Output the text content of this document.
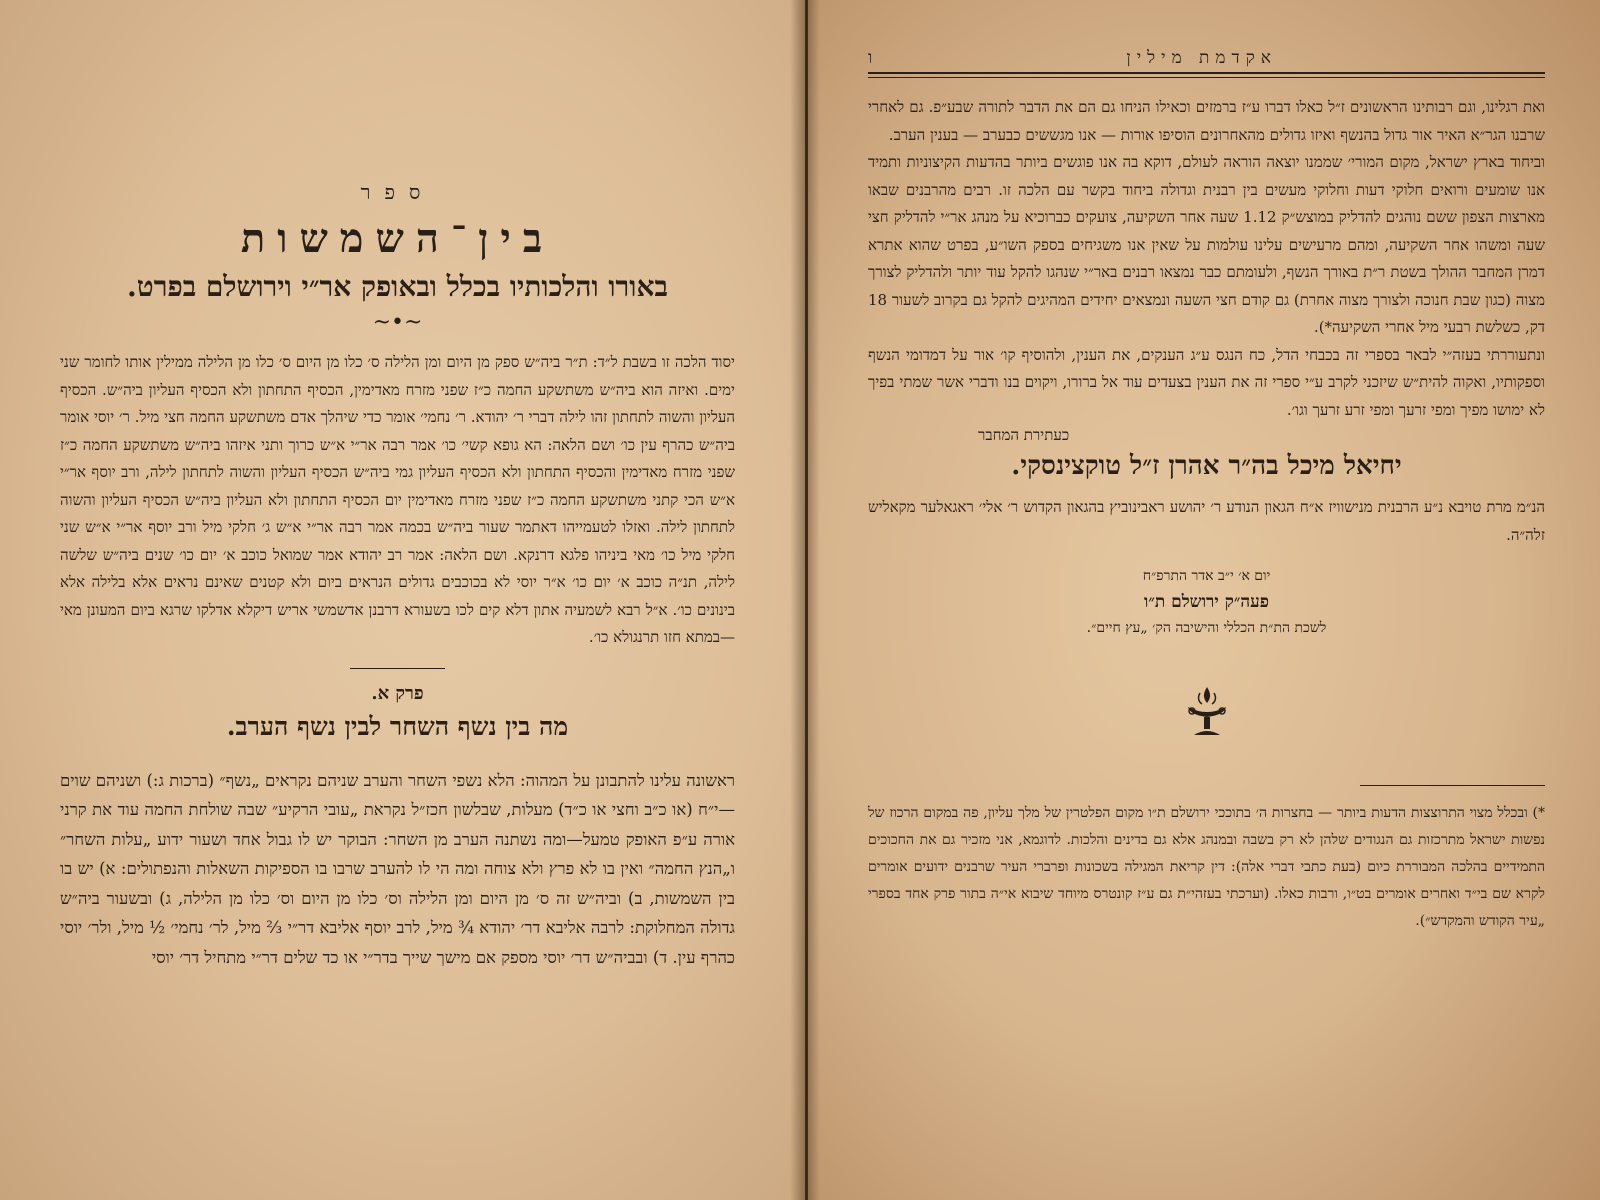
ספר
בין־השמשות
באורו והלכותיו בכלל ובאופק אר״י וירושלם בפרט.
~•~
יסוד הלכה זו בשבת ל״ד: ת״ר ביה״ש ספק מן היום ומן הלילה ס׳ כלו מן היום ס׳ כלו מן הלילה ממילין אותו לחומר שני ימים. ואיזה הוא ביה״ש משתשקע החמה כ״ז שפני מזרח מאדימין, הכסיף התחתון ולא הכסיף העליון ביה״ש. הכסיף העליון והשוה לתחתון זהו לילה דברי ר׳ יהודא. ר׳ נחמי׳ אומר כדי שיהלך אדם משתשקע החמה חצי מיל. ר׳ יוסי אומר ביה״ש כהרף עין כו׳ ושם הלאה: הא גופא קשי׳ כו׳ אמר רבה אר״י א״ש כרוך ותני איזהו ביה״ש משתשקע החמה כ״ז שפני מזרח מאדימין והכסיף התחתון ולא הכסיף העליון גמי ביה״ש הכסיף העליון והשוה לתחתון לילה, ורב יוסף אר״י א״ש הכי קתני משתשקע החמה כ״ז שפני מזרח מאדימין יום הכסיף התחתון ולא העליון ביה״ש הכסיף העליון והשוה לתחתון לילה. ואזלו לטעמייהו דאתמר שעור ביה״ש בכמה אמר רבה אר״י א״ש ג׳ חלקי מיל ורב יוסף אר״י א״ש שני חלקי מיל כו׳ מאי ביניהו פלגא דרנקא. ושם הלאה: אמר רב יהודא אמר שמואל כוכב א׳ יום כו׳ שנים ביה״ש שלשה לילה, תנ״ה כוכב א׳ יום כו׳ א״ר יוסי לא בכוכבים גדולים הנראים ביום ולא קטנים שאינם נראים אלא בלילה אלא בינונים כו׳. א״ל רבא לשמעיה אתון דלא קים לכו בשעורא דרבנן אדשמשי אריש דיקלא אדלקו שרגא ביום המעונן מאי—במתא חזו תרנגולא כו׳.
פרק א.
מה בין נשף השחר לבין נשף הערב.
ראשונה עלינו להתבונן על המהוה: הלא נשפי השחר והערב שניהם נקראים „נשף״ (ברכות ג:) ושניהם שוים—י״ח (או כ״ב וחצי או כ״ד) מעלות, שבלשון חכז״ל נקראת „עובי הרקיע״ שבה שולחת החמה עוד את קרני אורה ע״פ האופק טמעל—ומה נשתנה הערב מן השחר: הבוקר יש לו גבול אחד ושעור ידוע „עלות השחר״ ו„הנץ החמה״ ואין בו לא פרץ ולא צוחה ומה הי לו להערב שרבו בו הספיקות השאלות והנפתולים: א) יש בו בין השמשות, ב) וביה״ש זה ס׳ מן היום ומן הלילה וס׳ כלו מן היום וס׳ כלו מן הלילה, ג) ובשעור ביה״ש גדולה המחלוקת: לרבה אליבא דר׳ יהודא ¾ מיל, לרב יוסף אליבא דר״י ⅔ מיל, לר׳ נחמי׳ ½ מיל, ולר׳ יוסי כהרף עין. ד) ובביה״ש דר׳ יוסי מספק אם מישך שייך בדר״י או כד שלים דר״י מתחיל דר׳ יוסי
ו	אקדמת מילין
ואת רגלינו, וגם רבותינו הראשונים ז״ל כאלו דברו ע״ז ברמזים וכאילו הניחו גם הם את הדבר לתורה שבע״פ. גם לאחרי שרבנו הגר״א האיר אור גדול בהנשף ואיזו גדולים מהאחרונים הוסיפו אורות — אנו מגששים כבערב — בענין הערב.
וביחוד בארץ ישראל, מקום המורי׳ שממנו יוצאה הוראה לעולם, דוקא בה אנו פוגשים ביותר בהדעות הקיצוניות ותמיד אנו שומעים ורואים חלוקי דעות וחלוקי מעשים בין רבנית וגדולה ביחוד בקשר עם הלכה זו. רבים מהרבנים שבאו מארצות הצפון ששם נוהגים להדליק במוצש״ק 1.12 שעה אחר השקיעה, צועקים כברוכיא על מנהג אר״י להדליק חצי שעה ומשהו אחר השקיעה, ומהם מרעישים עלינו עולמות על שאין אנו משגיחים בספק השו״ע, בפרט שהוא אתרא דמרן המחבר ההולך בשטת ר״ת באורך הנשף, ולעומתם כבר נמצאו רבנים באר״י שנהגו להקל עוד יותר ולהדליק לצורך מצוה (כגון שבת חנוכה ולצורך מצוה אחרת) גם קודם חצי השעה ונמצאים יחידים המהיגים להקל גם בקרוב לשעור 18 דק, כשלשת רבעי מיל אחרי השקיעה*).
ונתעוררתי בעזה״י לבאר בספרי זה בכבחי הדל, כח הנגס ע״ג הענקים, את הענין, ולהוסיף קו׳ אור על דמדומי הנשף וספקותיו, ואקוה להית״ש שיזכני לקרב ע״י ספרי זה את הענין בצעדים עוד אל ברורו, ויקוים בנו ודברי אשר שמתי בפיך לא ימושו מפיך ומפי זרעך ומפי זרע זרעך וגו׳.
כעתירת המחבר
יחיאל מיכל בה״ר אהרן ז״ל טוקצינסקי.
הנ״מ מרת טויבא נ״ע הרבנית מנישוויז א״ח הגאון הנודע ר׳ יהושע ראבינוביץ בהגאון הקדוש ר׳ אלי׳ ראגאלער מקאליש זלה״ה.
יום א׳ י״ב אדר התרפ״ח
פעה״ק ירושלם ת״ו
לשכת הת״ת הכללי והישיבה הק׳ „עץ חיים״.
*) ובכלל מצוי התרוצצות הדעות ביותר — בחצרות ה׳ בתוככי ירושלם ת״ו מקום הפלטרין של מלך עליון, פה במקום הרכוז של נפשות ישראל מתרכזות גם הנגודים שלהן לא רק בשבה ובמנהג אלא גם בדינים והלכות. לדוגמא, אני מזכיר גם את החכוכים התמידיים בהלכה המבוררת כיום (בעת כתבי דברי אלה): דין קריאת המגילה בשכונות ופרברי העיר שרבנים ידועים אומרים לקרא שם בי״ד ואחרים אומרים בט״ו, ורבות כאלו. (וערכתי בעזהי״ת גם ע״ז קונטרס מיוחד שיבוא אי״ה בתור פרק אחד בספרי „עיר הקודש והמקדש״).
